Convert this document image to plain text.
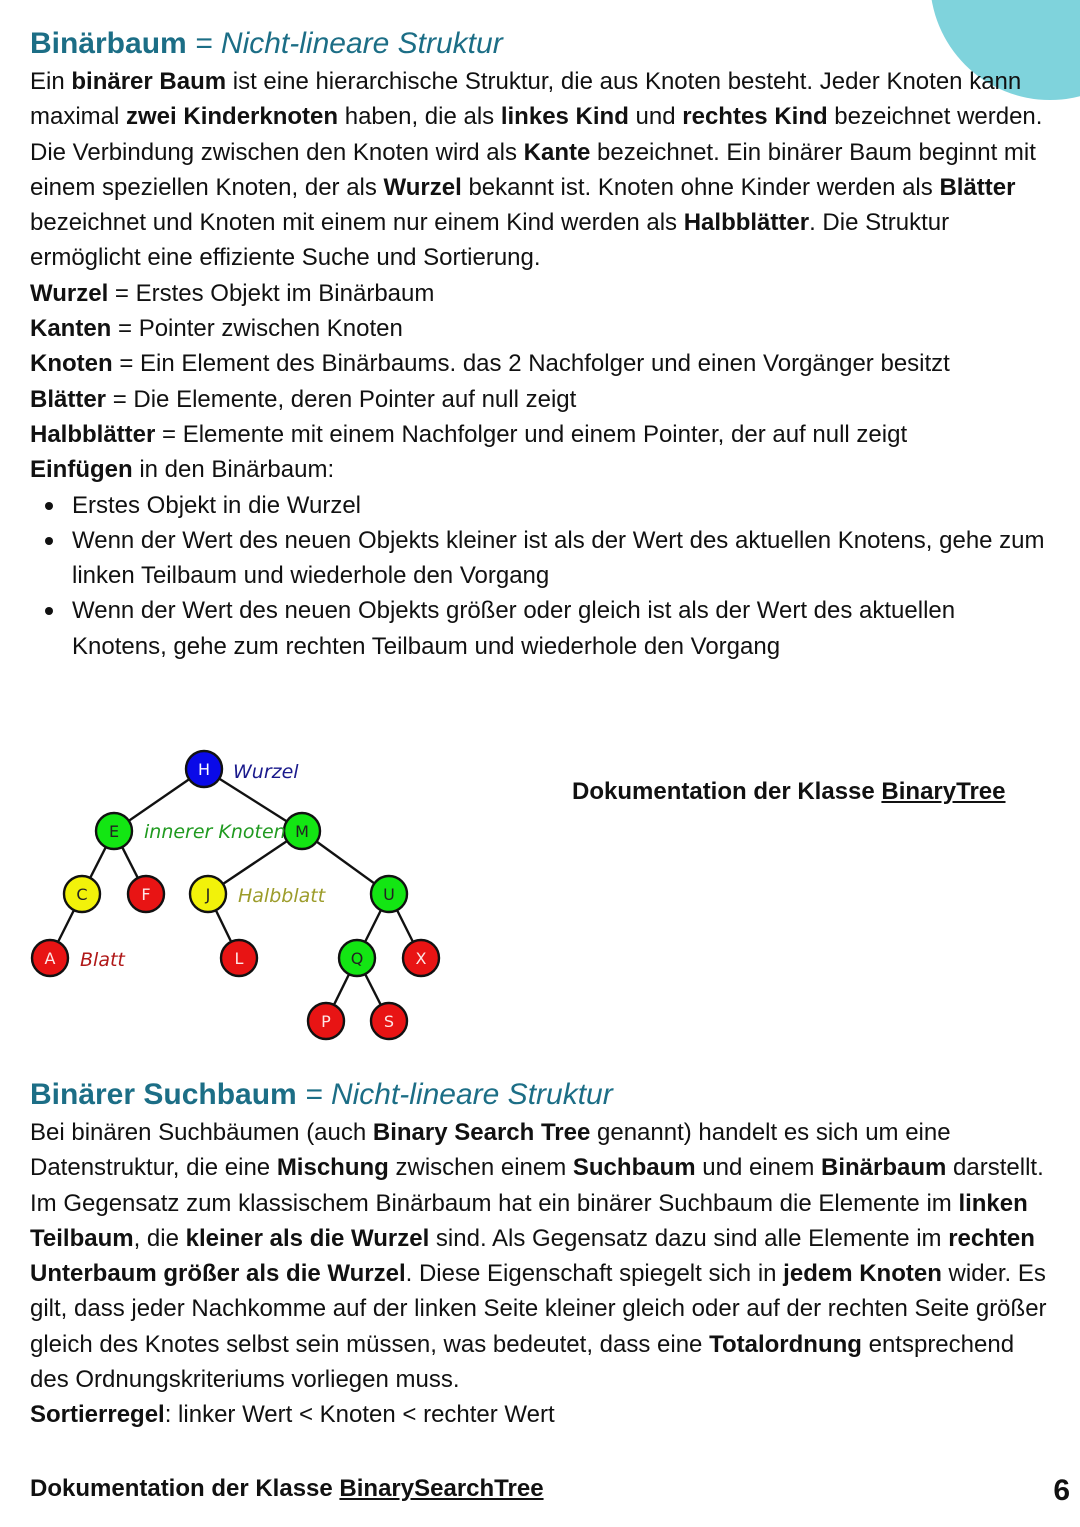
Binärbaum = Nicht-lineare Struktur

Ein binärer Baum ist eine hierarchische Struktur, die aus Knoten besteht. Jeder Knoten kann maximal zwei Kinderknoten haben, die als linkes Kind und rechtes Kind bezeichnet werden. Die Verbindung zwischen den Knoten wird als Kante bezeichnet. Ein binärer Baum beginnt mit einem speziellen Knoten, der als Wurzel bekannt ist. Knoten ohne Kinder werden als Blätter bezeichnet und Knoten mit einem nur einem Kind werden als Halbblätter. Die Struktur ermöglicht eine effiziente Suche und Sortierung.

Wurzel = Erstes Objekt im Binärbaum

Kanten = Pointer zwischen Knoten

Knoten = Ein Element des Binärbaums. das 2 Nachfolger und einen Vorgänger besitzt

Blätter = Die Elemente, deren Pointer auf null zeigt

Halbblätter = Elemente mit einem Nachfolger und einem Pointer, der auf null zeigt

Einfügen in den Binärbaum:

Erstes Objekt in die Wurzel
Wenn der Wert des neuen Objekts kleiner ist als der Wert des aktuellen Knotens, gehe zum linken Teilbaum und wiederhole den Vorgang
Wenn der Wert des neuen Objekts größer oder gleich ist als der Wert des aktuellen Knotens, gehe zum rechten Teilbaum und wiederhole den Vorgang
H
E	M
C	F	J	U
A	L	Q	X
P	S
Wurzel
innerer Knoten
Halbblatt
Blatt
Dokumentation der Klasse BinaryTree
Binärer Suchbaum = Nicht-lineare Struktur

Bei binären Suchbäumen (auch Binary Search Tree genannt) handelt es sich um eine Datenstruktur, die eine Mischung zwischen einem Suchbaum und einem Binärbaum darstellt. Im Gegensatz zum klassischem Binärbaum hat ein binärer Suchbaum die Elemente im linken Teilbaum, die kleiner als die Wurzel sind. Als Gegensatz dazu sind alle Elemente im rechten Unterbaum größer als die Wurzel. Diese Eigenschaft spiegelt sich in jedem Knoten wider. Es gilt, dass jeder Nachkomme auf der linken Seite kleiner gleich oder auf der rechten Seite größer gleich des Knotes selbst sein müssen, was bedeutet, dass eine Totalordnung entsprechend des Ordnungskriteriums vorliegen muss.

Sortierregel: linker Wert < Knoten < rechter Wert

Dokumentation der Klasse BinarySearchTree	6
